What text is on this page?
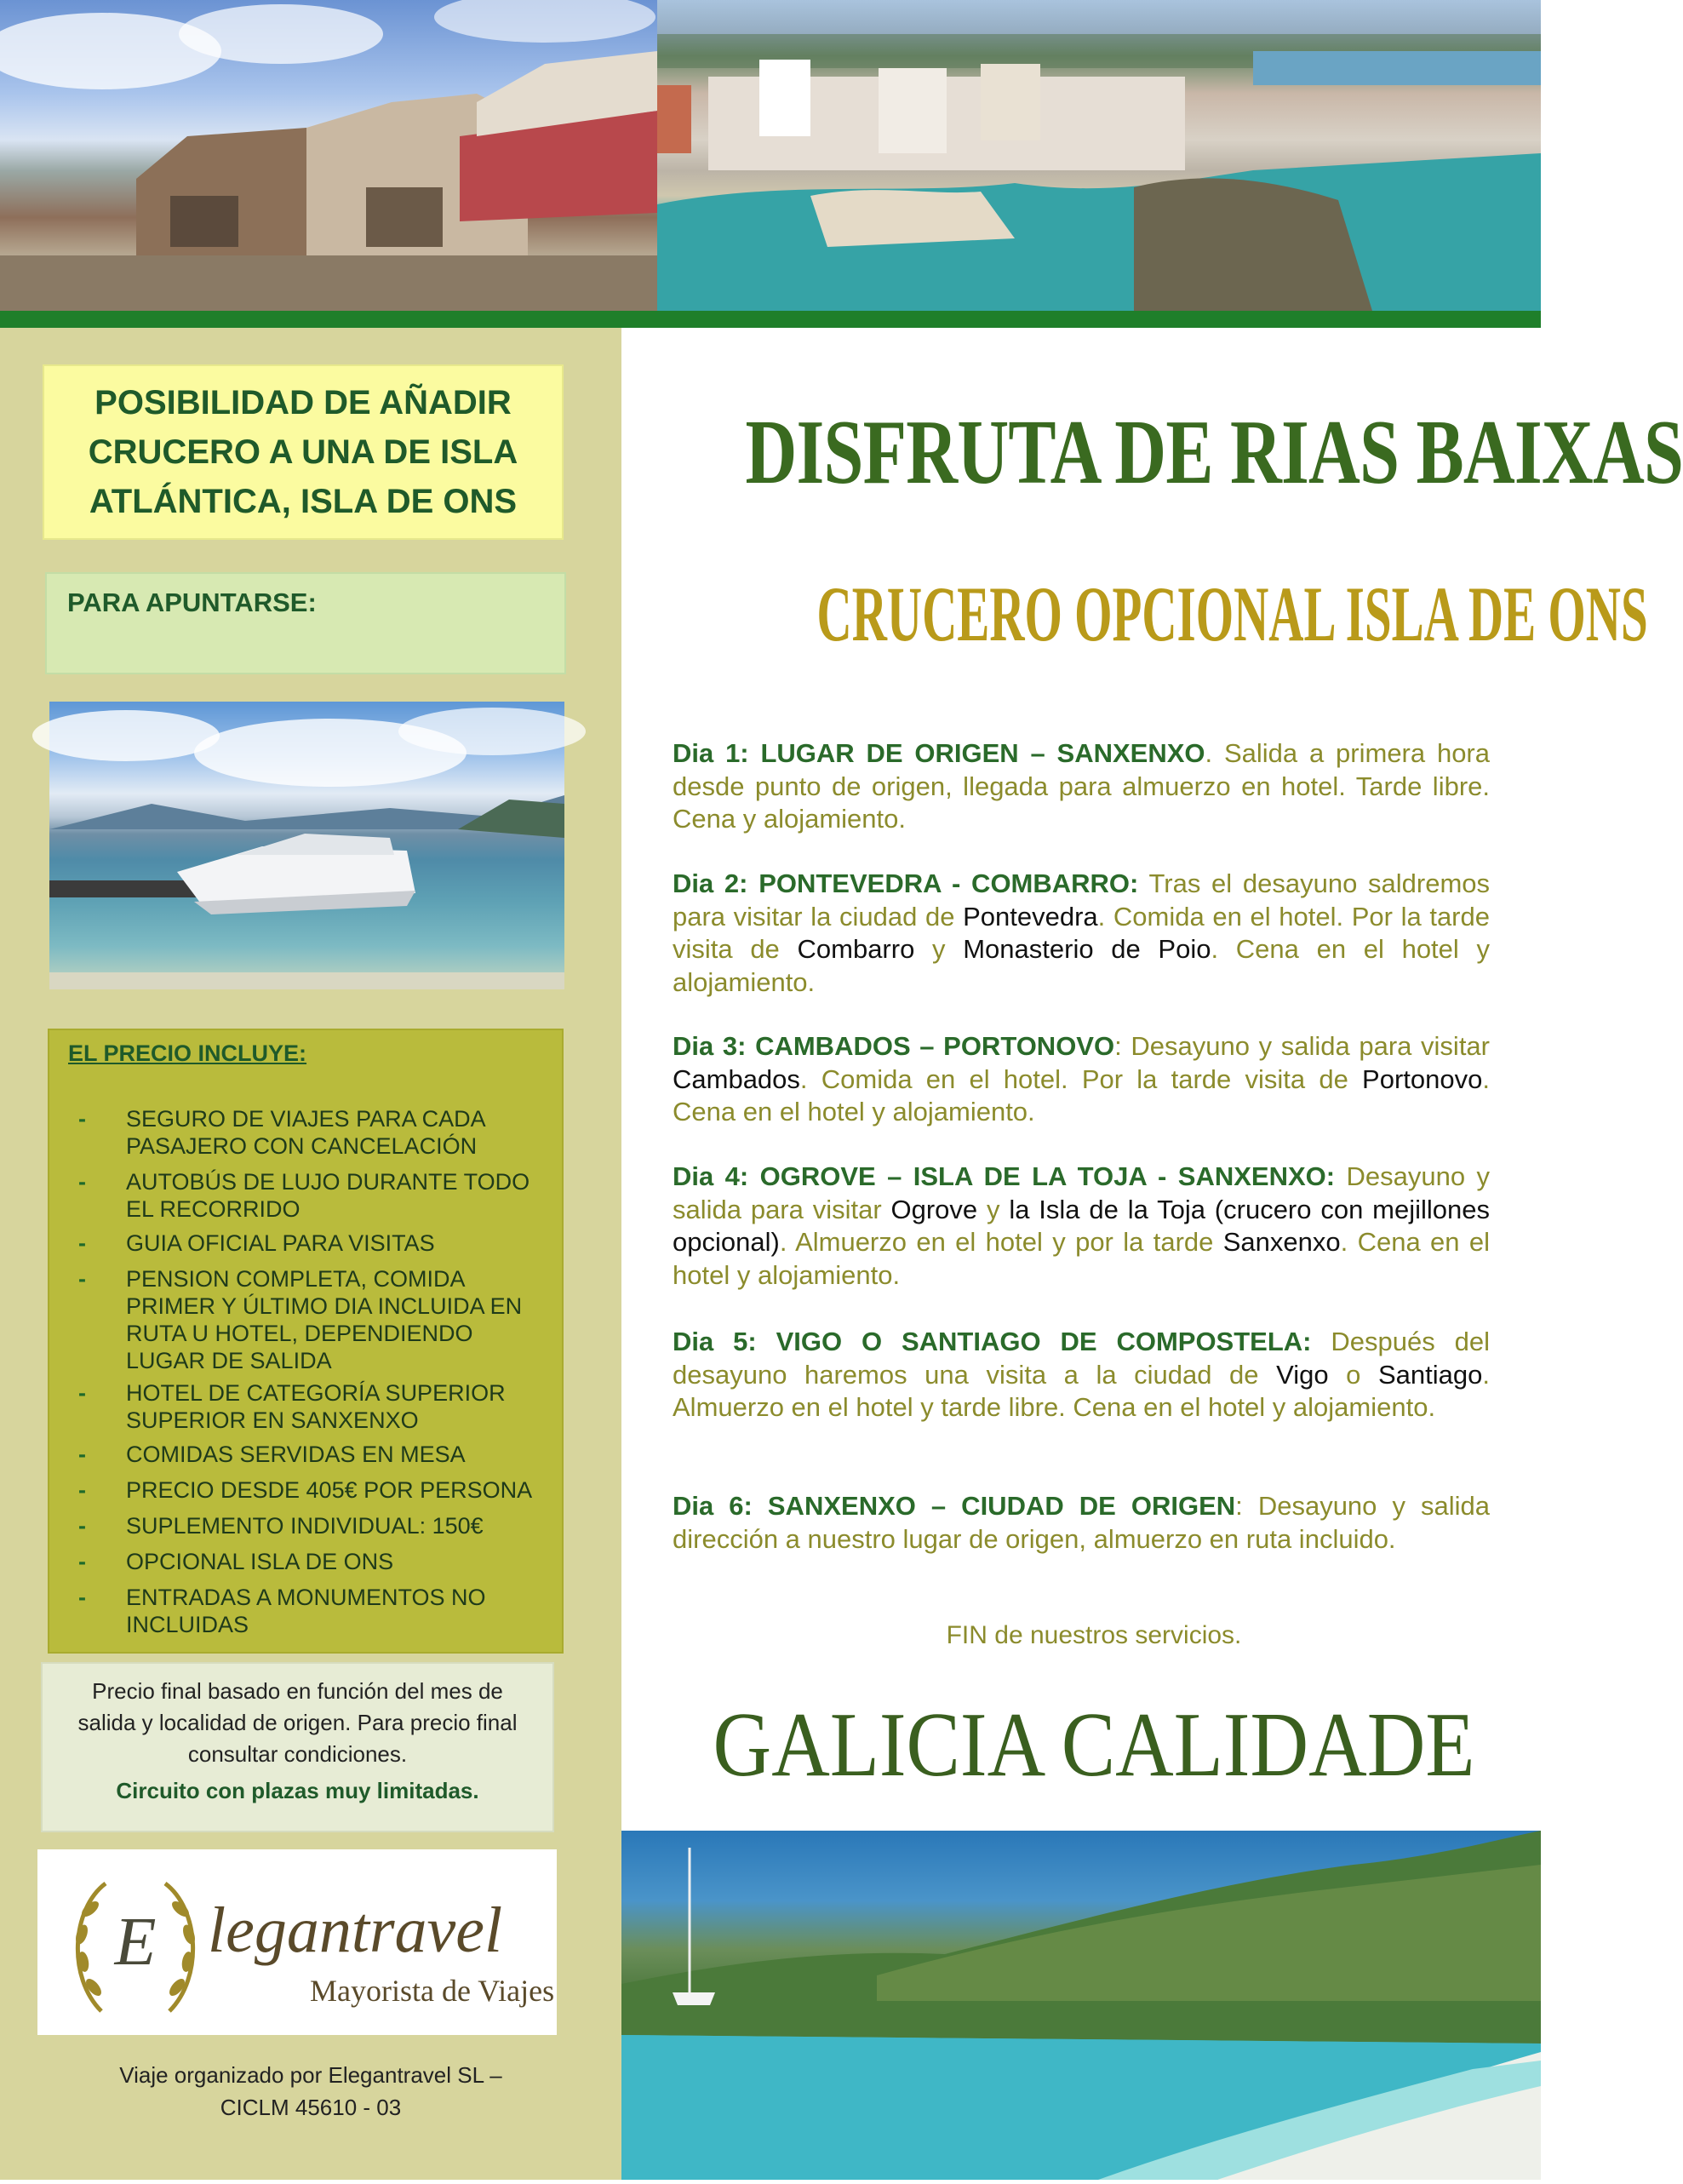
POSIBILIDAD DE AÑADIR
CRUCERO A UNA DE ISLA
ATLÁNTICA, ISLA DE ONS
PARA APUNTARSE:
EL PRECIO INCLUYE:
- SEGURO DE VIAJES PARA CADA
PASAJERO CON CANCELACIÓN
- AUTOBÚS DE LUJO DURANTE TODO
EL RECORRIDO
- GUIA OFICIAL PARA VISITAS
- PENSION COMPLETA, COMIDA
PRIMER Y ÚLTIMO DIA INCLUIDA EN
RUTA U HOTEL, DEPENDIENDO
LUGAR DE SALIDA
- HOTEL DE CATEGORÍA SUPERIOR
SUPERIOR EN SANXENXO
- COMIDAS SERVIDAS EN MESA
- PRECIO DESDE 405€ POR PERSONA
- SUPLEMENTO INDIVIDUAL: 150€
- OPCIONAL ISLA DE ONS
- ENTRADAS A MONUMENTOS NO
INCLUIDAS
Precio final basado en función del mes de
salida y localidad de origen. Para precio final
consultar condiciones.
Circuito con plazas muy limitadas.
E legantravel
Mayorista de Viajes
Viaje organizado por Elegantravel SL –
CICLM 45610 - 03
DISFRUTA DE RIAS BAIXAS
CRUCERO OPCIONAL ISLA DE ONS
Dia 1: LUGAR DE ORIGEN – SANXENXO. Salida a primera hora desde punto de origen, llegada para almuerzo en hotel. Tarde libre. Cena y alojamiento.
Dia 2: PONTEVEDRA - COMBARRO: Tras el desayuno saldremos para visitar la ciudad de Pontevedra. Comida en el hotel. Por la tarde visita de Combarro y Monasterio de Poio. Cena en el hotel y alojamiento.
Dia 3: CAMBADOS – PORTONOVO: Desayuno y salida para visitar Cambados. Comida en el hotel. Por la tarde visita de Portonovo. Cena en el hotel y alojamiento.
Dia 4: OGROVE – ISLA DE LA TOJA - SANXENXO: Desayuno y salida para visitar Ogrove y la Isla de la Toja (crucero con mejillones opcional). Almuerzo en el hotel y por la tarde Sanxenxo. Cena en el hotel y alojamiento.
Dia 5: VIGO O SANTIAGO DE COMPOSTELA: Después del desayuno haremos una visita a la ciudad de Vigo o Santiago. Almuerzo en el hotel y tarde libre. Cena en el hotel y alojamiento.
Dia 6: SANXENXO – CIUDAD DE ORIGEN: Desayuno y salida dirección a nuestro lugar de origen, almuerzo en ruta incluido.
FIN de nuestros servicios.
GALICIA CALIDADE
